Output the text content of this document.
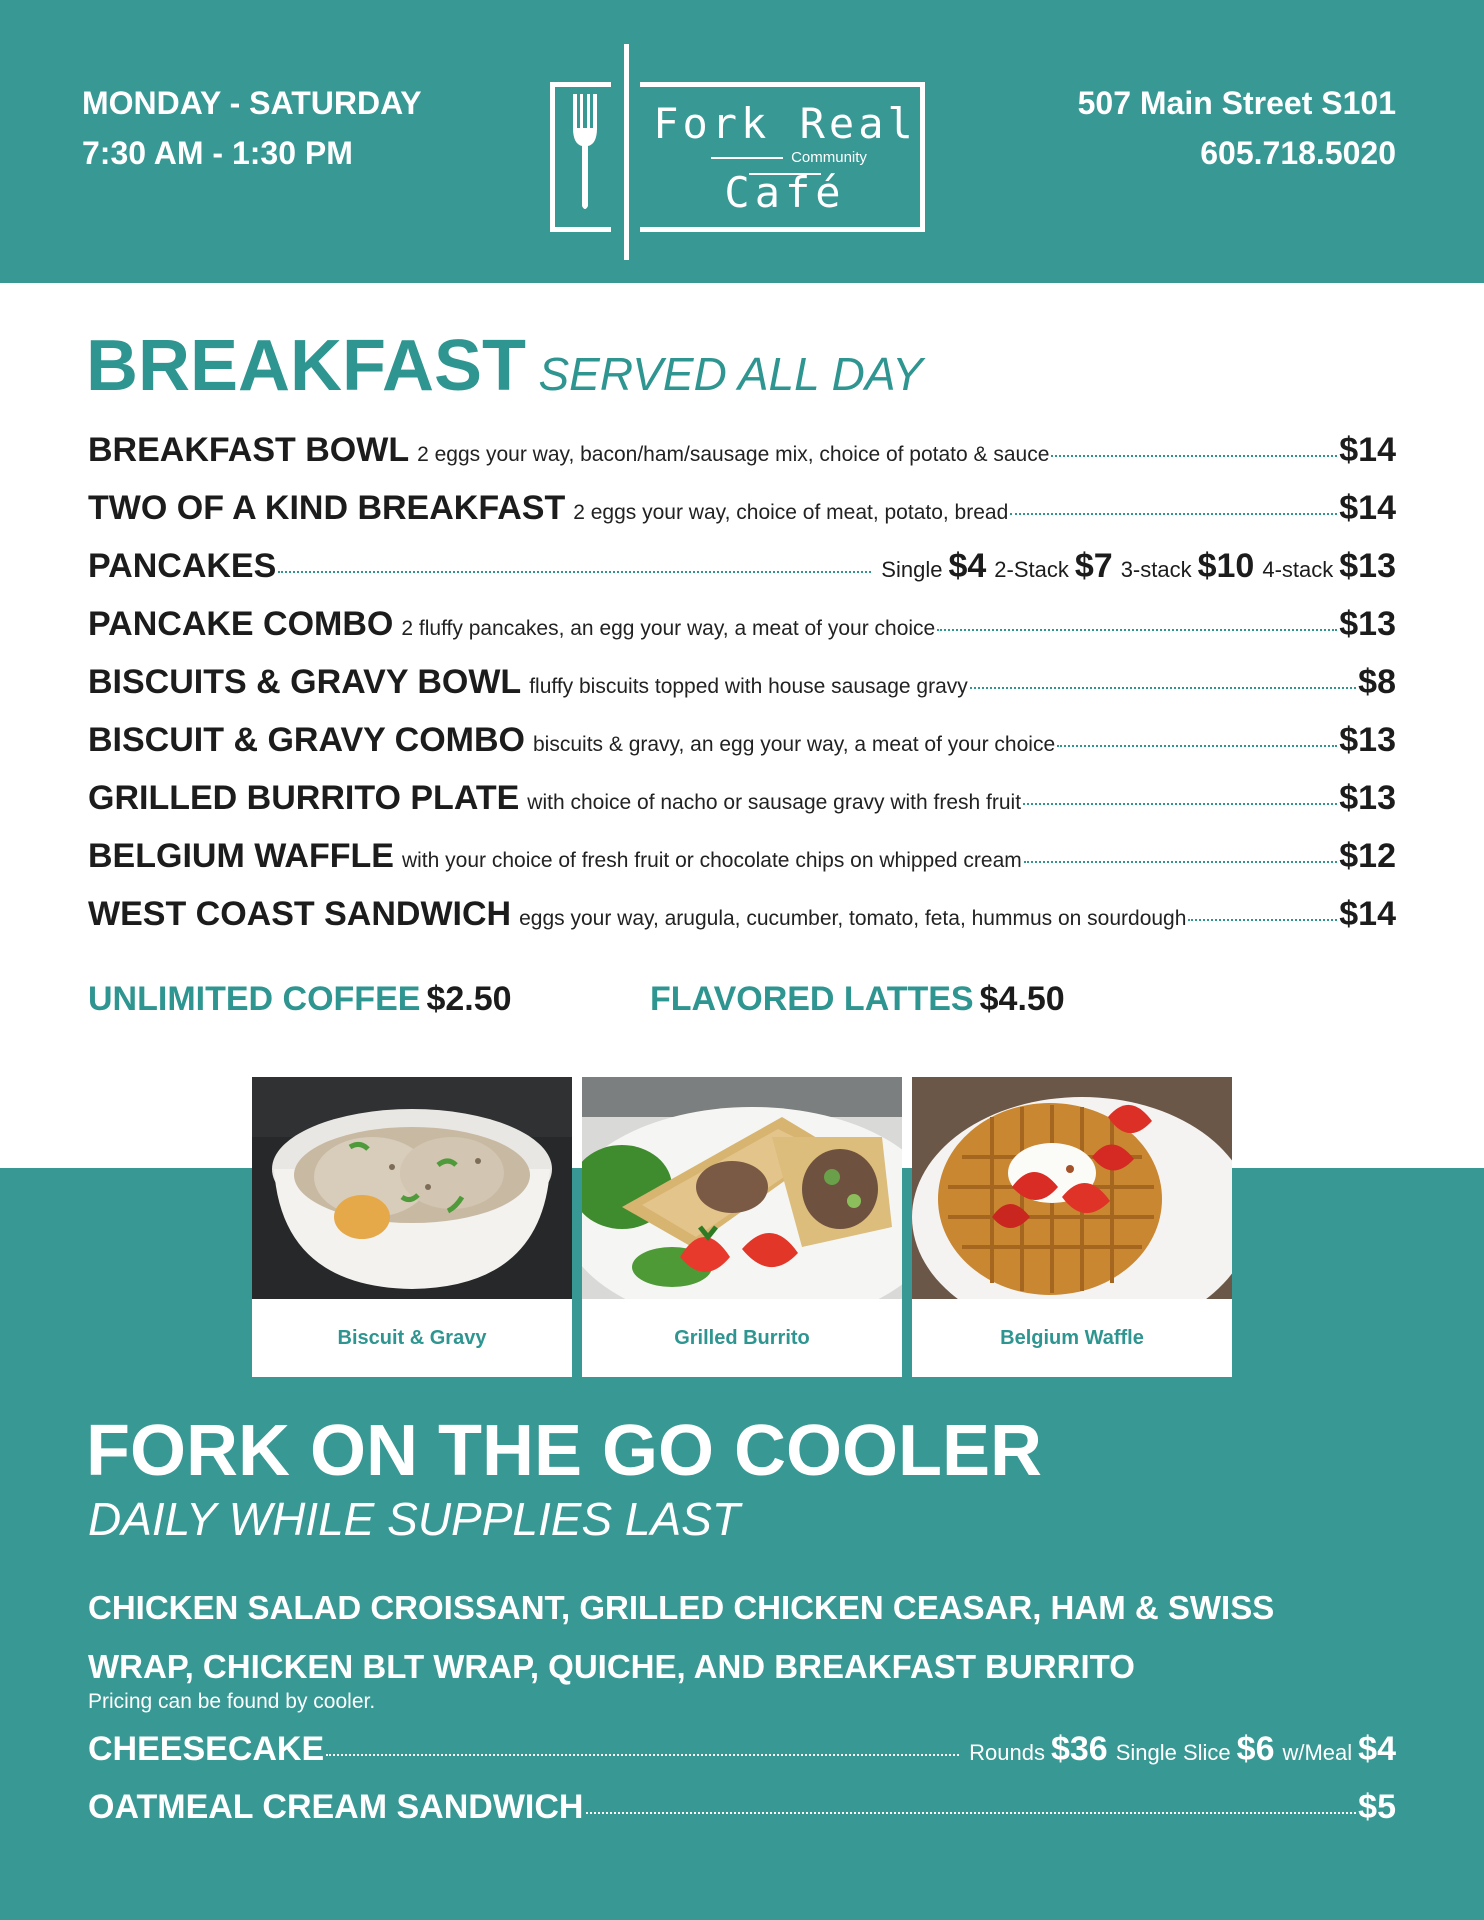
MONDAY - SATURDAY
7:30 AM - 1:30 PM
Fork Real
Community
Café
507 Main Street S101
605.718.5020
BREAKFAST SERVED ALL DAY
BREAKFAST BOWL 2 eggs your way, bacon/ham/sausage mix, choice of potato & sauce	$14
TWO OF A KIND BREAKFAST 2 eggs your way, choice of meat, potato, bread	$14
PANCAKES	Single $4 2-Stack $7 3-stack $10 4-stack $13
PANCAKE COMBO 2 fluffy pancakes, an egg your way, a meat of your choice	$13
BISCUITS & GRAVY BOWL fluffy biscuits topped with house sausage gravy	$8
BISCUIT & GRAVY COMBO biscuits & gravy, an egg your way, a meat of your choice	$13
GRILLED BURRITO PLATE with choice of nacho or sausage gravy with fresh fruit	$13
BELGIUM WAFFLE with your choice of fresh fruit or chocolate chips on whipped cream	$12
WEST COAST SANDWICH eggs your way, arugula, cucumber, tomato, feta, hummus on sourdough	$14
UNLIMITED COFFEE $2.50	FLAVORED LATTES $4.50
Biscuit & Gravy	Grilled Burrito	Belgium Waffle
FORK ON THE GO COOLER
DAILY WHILE SUPPLIES LAST
CHICKEN SALAD CROISSANT, GRILLED CHICKEN CEASAR, HAM & SWISS
WRAP, CHICKEN BLT WRAP, QUICHE, AND BREAKFAST BURRITO
Pricing can be found by cooler.
CHEESECAKE	Rounds $36 Single Slice $6 w/Meal $4
OATMEAL CREAM SANDWICH	$5
